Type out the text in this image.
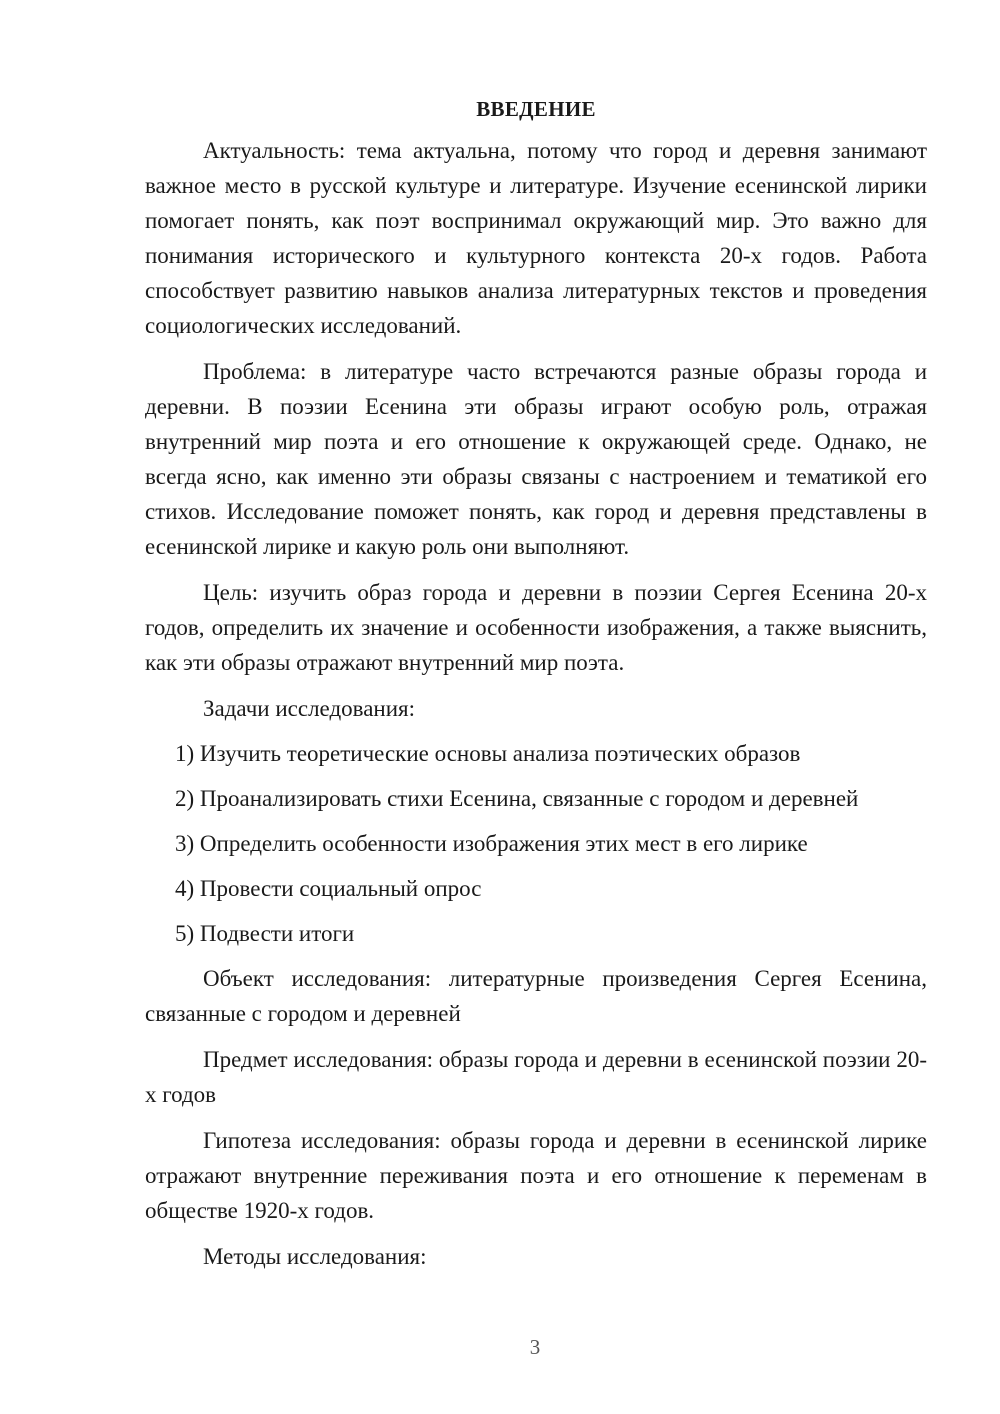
ВВЕДЕНИЕ

Актуальность: тема актуальна, потому что город и деревня занимают важное место в русской культуре и литературе. Изучение есенинской лирики помогает понять, как поэт воспринимал окружающий мир. Это важно для понимания исторического и культурного контекста 20-х годов. Работа способствует развитию навыков анализа литературных текстов и проведения социологических исследований.

Проблема: в литературе часто встречаются разные образы города и деревни. В поэзии Есенина эти образы играют особую роль, отражая внутренний мир поэта и его отношение к окружающей среде. Однако, не всегда ясно, как именно эти образы связаны с настроением и тематикой его стихов. Исследование поможет понять, как город и деревня представлены в есенинской лирике и какую роль они выполняют.

Цель: изучить образ города и деревни в поэзии Сергея Есенина 20-х годов, определить их значение и особенности изображения, а также выяснить, как эти образы отражают внутренний мир поэта.

Задачи исследования:

1) Изучить теоретические основы анализа поэтических образов

2) Проанализировать стихи Есенина, связанные с городом и деревней

3) Определить особенности изображения этих мест в его лирике

4) Провести социальный опрос

5) Подвести итоги

Объект исследования: литературные произведения Сергея Есенина, связанные с городом и деревней

Предмет исследования: образы города и деревни в есенинской поэзии 20-х годов

Гипотеза исследования: образы города и деревни в есенинской лирике отражают внутренние переживания поэта и его отношение к переменам в обществе 1920-х годов.

Методы исследования:

3
